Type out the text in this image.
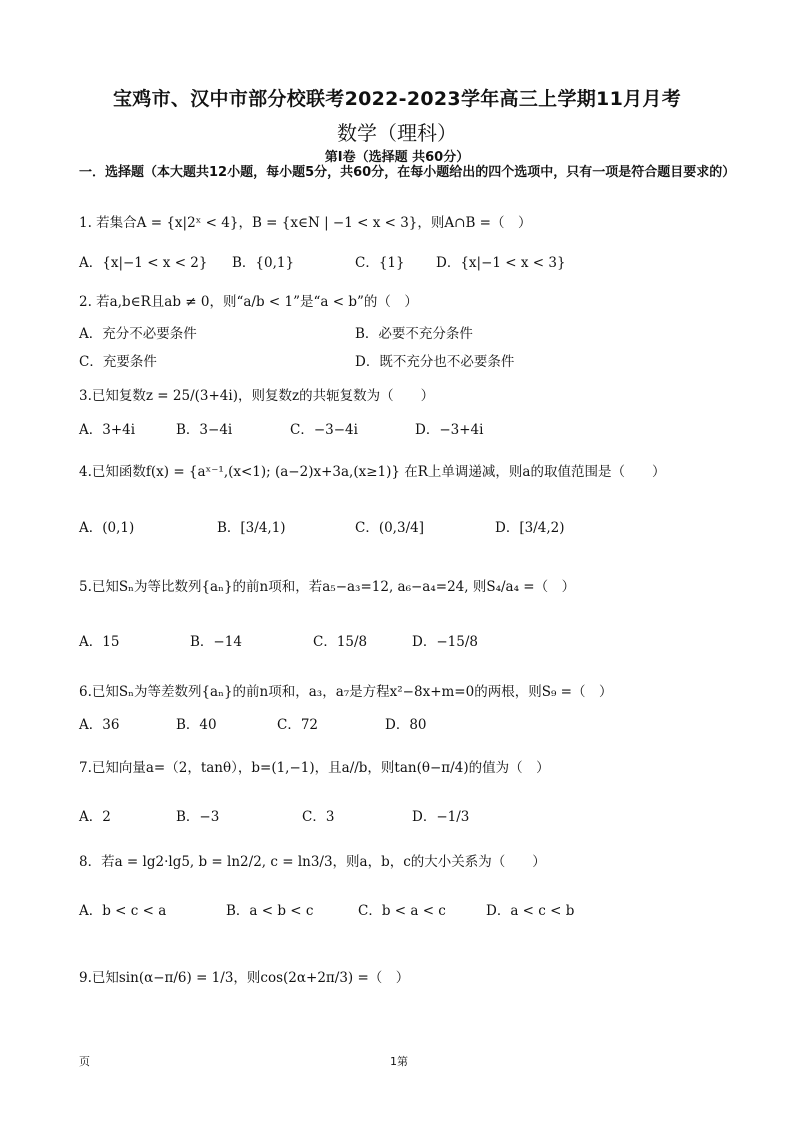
宝鸡市、汉中市部分校联考2022-2023学年高三上学期11月月考
数学（理科）
第Ⅰ卷（选择题 共60分）
一．选择题（本大题共12小题，每小题5分，共60分，在每小题给出的四个选项中，只有一项是符合题目要求的）
1. 若集合A = {x|2ˣ < 4}，B = {x∈N | −1 < x < 3}，则A∩B =（　）
A．{x|−1 < x < 2} B．{0,1}	C．{1} D．{x|−1 < x < 3}
2. 若a,b∈R且ab ≠ 0，则“a/b < 1”是“a < b”的（　）
A．充分不必要条件	B．必要不充分条件
C．充要条件	D．既不充分也不必要条件
3.已知复数z = 25/(3+4i)，则复数z的共轭复数为（　　）
A．3+4i	B．3−4i	C．−3−4i	D．−3+4i
4.已知函数f(x) = {aˣ⁻¹,(x<1); (a−2)x+3a,(x≥1)} 在R上单调递减，则a的取值范围是（　　）
A．(0,1)	B．[3/4,1)	C．(0,3/4]	D．[3/4,2)
5.已知Sₙ为等比数列{aₙ}的前n项和，若a₅−a₃=12, a₆−a₄=24, 则S₄/a₄ =（　）
A．15	B．−14	C．15/8	D．−15/8
6.已知Sₙ为等差数列{aₙ}的前n项和，a₃，a₇是方程x²−8x+m=0的两根，则S₉ =（　）
A．36	B．40	C．72	D．80
7.已知向量a=（2，tanθ），b=(1,−1)，且a//b，则tan(θ−π/4)的值为（　）
A．2	B．−3	C．3	D．−1/3
8．若a = lg2·lg5, b = ln2/2, c = ln3/3，则a，b，c的大小关系为（　　）
A．b < c < a	B．a < b < c	C．b < a < c	D．a < c < b
9.已知sin(α−π/6) = 1/3，则cos(2α+2π/3) =（　）
页	1第
